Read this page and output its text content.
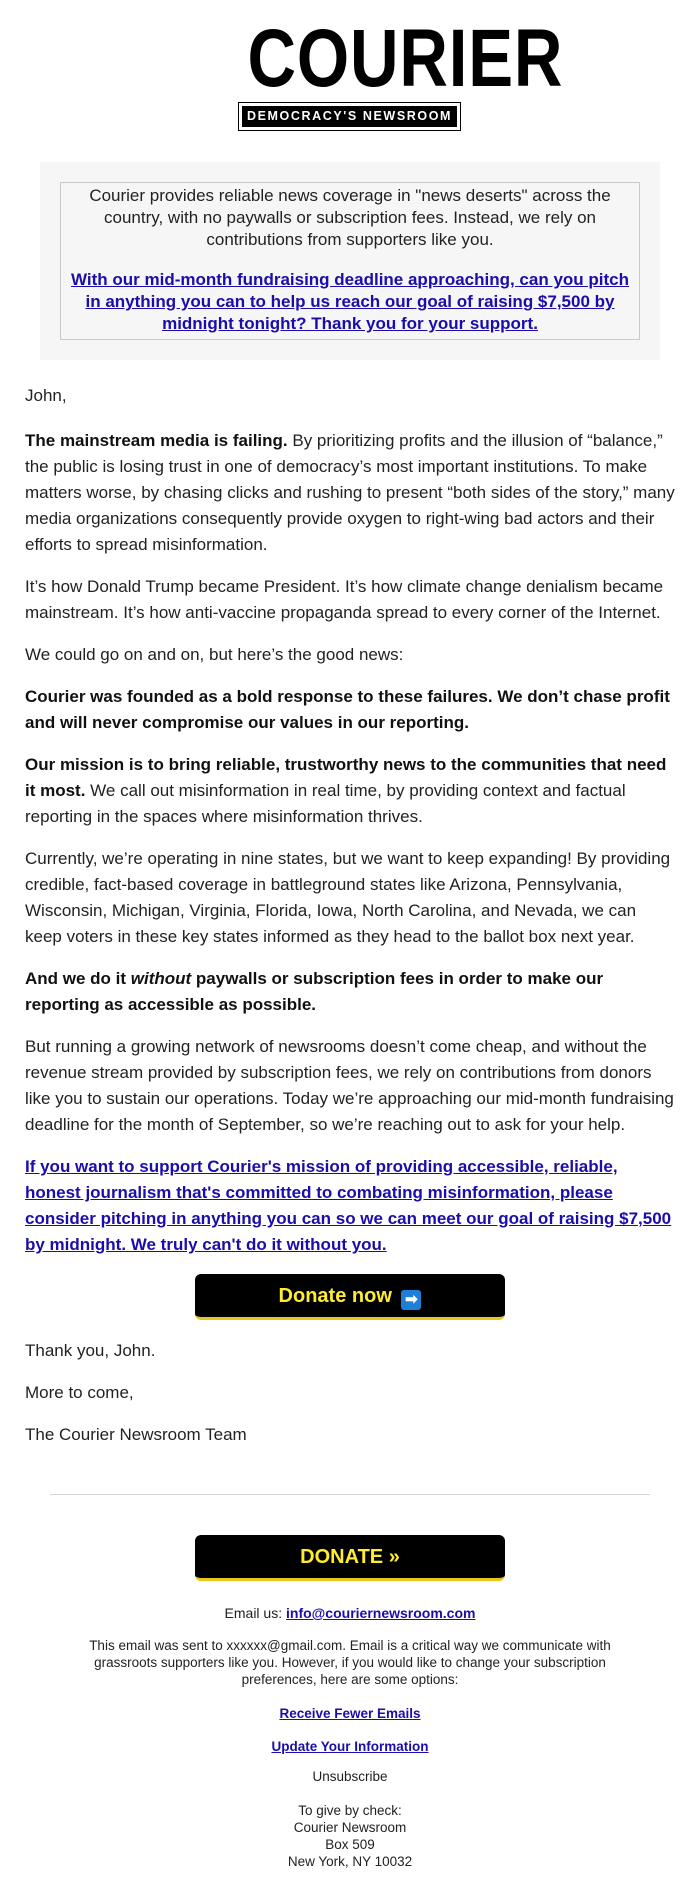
COURIER
DEMOCRACY'S NEWSROOM

Courier provides reliable news coverage in "news deserts" across the country, with no paywalls or subscription fees. Instead, we rely on contributions from supporters like you.

With our mid-month fundraising deadline approaching, can you pitch in anything you can to help us reach our goal of raising $7,500 by midnight tonight? Thank you for your support.

John,

The mainstream media is failing. By prioritizing profits and the illusion of “balance,” the public is losing trust in one of democracy’s most important institutions. To make matters worse, by chasing clicks and rushing to present “both sides of the story,” many media organizations consequently provide oxygen to right-wing bad actors and their efforts to spread misinformation.

It’s how Donald Trump became President. It’s how climate change denialism became mainstream. It’s how anti-vaccine propaganda spread to every corner of the Internet.

We could go on and on, but here’s the good news:

Courier was founded as a bold response to these failures. We don’t chase profit and will never compromise our values in our reporting.

Our mission is to bring reliable, trustworthy news to the communities that need it most. We call out misinformation in real time, by providing context and factual reporting in the spaces where misinformation thrives.

Currently, we’re operating in nine states, but we want to keep expanding! By providing credible, fact-based coverage in battleground states like Arizona, Pennsylvania, Wisconsin, Michigan, Virginia, Florida, Iowa, North Carolina, and Nevada, we can keep voters in these key states informed as they head to the ballot box next year.

And we do it without paywalls or subscription fees in order to make our reporting as accessible as possible.

But running a growing network of newsrooms doesn’t come cheap, and without the revenue stream provided by subscription fees, we rely on contributions from donors like you to sustain our operations. Today we’re approaching our mid-month fundraising deadline for the month of September, so we’re reaching out to ask for your help.

If you want to support Courier's mission of providing accessible, reliable, honest journalism that's committed to combating misinformation, please consider pitching in anything you can so we can meet our goal of raising $7,500 by midnight. We truly can't do it without you.

Donate now ➡

Thank you, John.

More to come,

The Courier Newsroom Team

DONATE »
Email us: info@couriernewsroom.com
This email was sent to xxxxxx@gmail.com. Email is a critical way we communicate with grassroots supporters like you. However, if you would like to change your subscription preferences, here are some options:
Receive Fewer Emails
Update Your Information
Unsubscribe
To give by check:
Courier Newsroom
Box 509
New York, NY 10032
